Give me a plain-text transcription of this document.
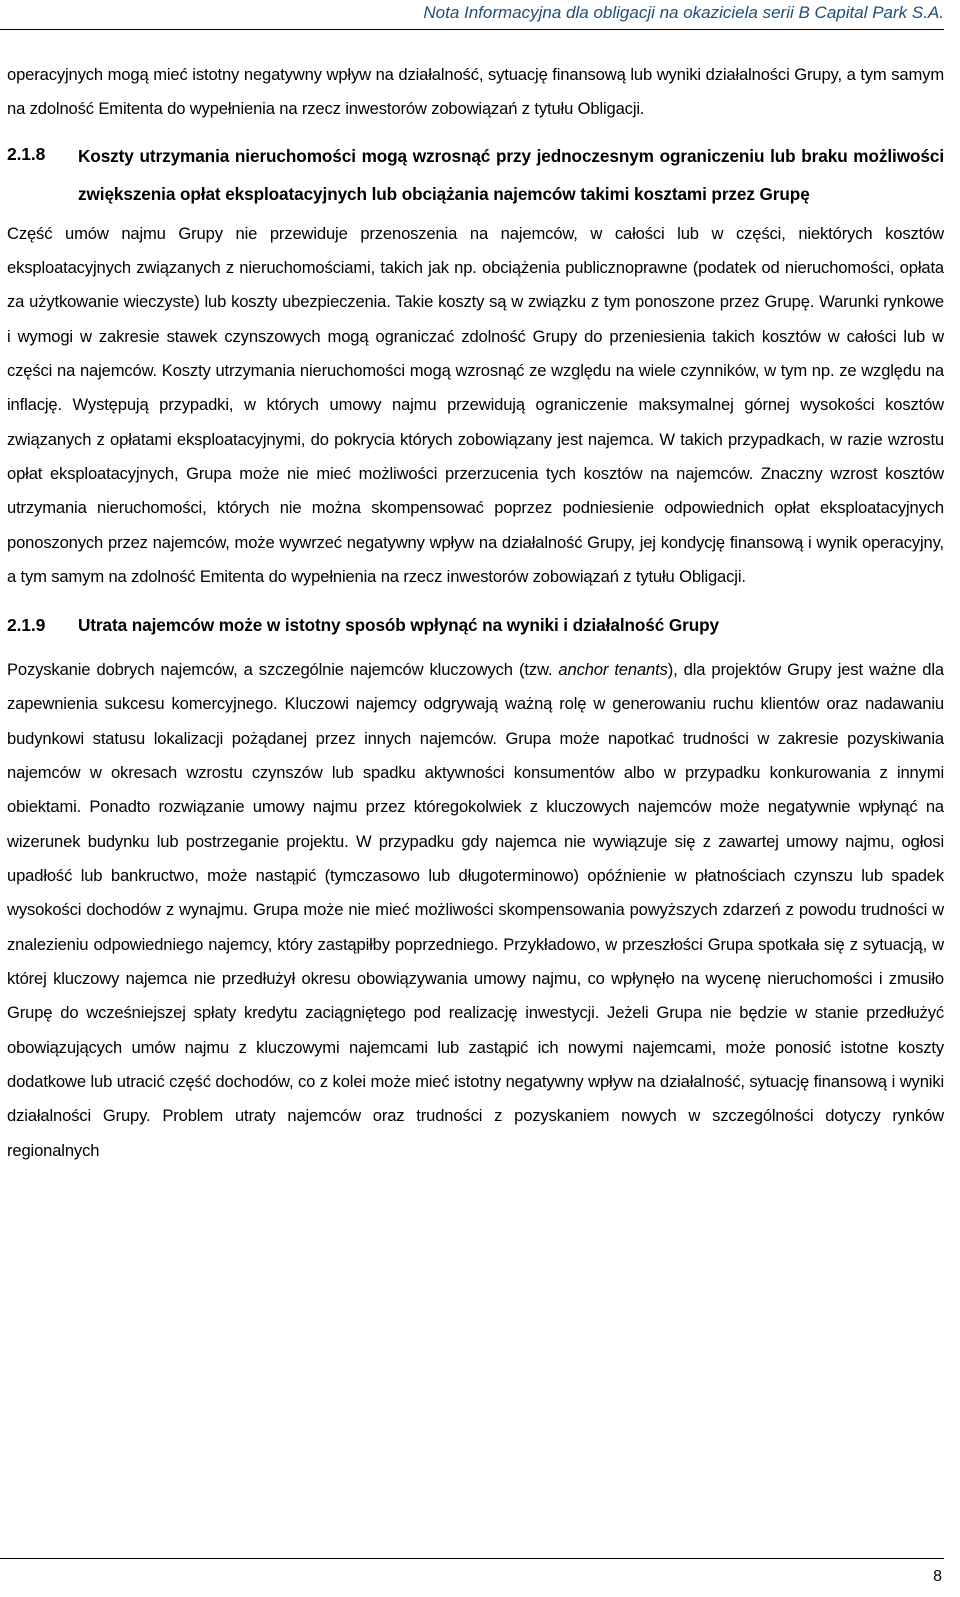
Nota Informacyjna dla obligacji na okaziciela serii B Capital Park S.A.

operacyjnych mogą mieć istotny negatywny wpływ na działalność, sytuację finansową lub wyniki działalności Grupy, a tym samym na zdolność Emitenta do wypełnienia na rzecz inwestorów zobowiązań z tytułu Obligacji.

2.1.8	Koszty utrzymania nieruchomości mogą wzrosnąć przy jednoczesnym ograniczeniu lub braku możliwości zwiększenia opłat eksploatacyjnych lub obciążania najemców takimi kosztami przez Grupę

Część umów najmu Grupy nie przewiduje przenoszenia na najemców, w całości lub w części, niektórych kosztów eksploatacyjnych związanych z nieruchomościami, takich jak np. obciążenia publicznoprawne (podatek od nieruchomości, opłata za użytkowanie wieczyste) lub koszty ubezpieczenia. Takie koszty są w związku z tym ponoszone przez Grupę. Warunki rynkowe i wymogi w zakresie stawek czynszowych mogą ograniczać zdolność Grupy do przeniesienia takich kosztów w całości lub w części na najemców. Koszty utrzymania nieruchomości mogą wzrosnąć ze względu na wiele czynników, w tym np. ze względu na inflację. Występują przypadki, w których umowy najmu przewidują ograniczenie maksymalnej górnej wysokości kosztów związanych z opłatami eksploatacyjnymi, do pokrycia których zobowiązany jest najemca. W takich przypadkach, w razie wzrostu opłat eksploatacyjnych, Grupa może nie mieć możliwości przerzucenia tych kosztów na najemców. Znaczny wzrost kosztów utrzymania nieruchomości, których nie można skompensować poprzez podniesienie odpowiednich opłat eksploatacyjnych ponoszonych przez najemców, może wywrzeć negatywny wpływ na działalność Grupy, jej kondycję finansową i wynik operacyjny, a tym samym na zdolność Emitenta do wypełnienia na rzecz inwestorów zobowiązań z tytułu Obligacji.

2.1.9	Utrata najemców może w istotny sposób wpłynąć na wyniki i działalność Grupy

Pozyskanie dobrych najemców, a szczególnie najemców kluczowych (tzw. anchor tenants), dla projektów Grupy jest ważne dla zapewnienia sukcesu komercyjnego. Kluczowi najemcy odgrywają ważną rolę w generowaniu ruchu klientów oraz nadawaniu budynkowi statusu lokalizacji pożądanej przez innych najemców. Grupa może napotkać trudności w zakresie pozyskiwania najemców w okresach wzrostu czynszów lub spadku aktywności konsumentów albo w przypadku konkurowania z innymi obiektami. Ponadto rozwiązanie umowy najmu przez któregokolwiek z kluczowych najemców może negatywnie wpłynąć na wizerunek budynku lub postrzeganie projektu. W przypadku gdy najemca nie wywiązuje się z zawartej umowy najmu, ogłosi upadłość lub bankructwo, może nastąpić (tymczasowo lub długoterminowo) opóźnienie w płatnościach czynszu lub spadek wysokości dochodów z wynajmu. Grupa może nie mieć możliwości skompensowania powyższych zdarzeń z powodu trudności w znalezieniu odpowiedniego najemcy, który zastąpiłby poprzedniego. Przykładowo, w przeszłości Grupa spotkała się z sytuacją, w której kluczowy najemca nie przedłużył okresu obowiązywania umowy najmu, co wpłynęło na wycenę nieruchomości i zmusiło Grupę do wcześniejszej spłaty kredytu zaciągniętego pod realizację inwestycji. Jeżeli Grupa nie będzie w stanie przedłużyć obowiązujących umów najmu z kluczowymi najemcami lub zastąpić ich nowymi najemcami, może ponosić istotne koszty dodatkowe lub utracić część dochodów, co z kolei może mieć istotny negatywny wpływ na działalność, sytuację finansową i wyniki działalności Grupy. Problem utraty najemców oraz trudności z pozyskaniem nowych w szczególności dotyczy rynków regionalnych

8
